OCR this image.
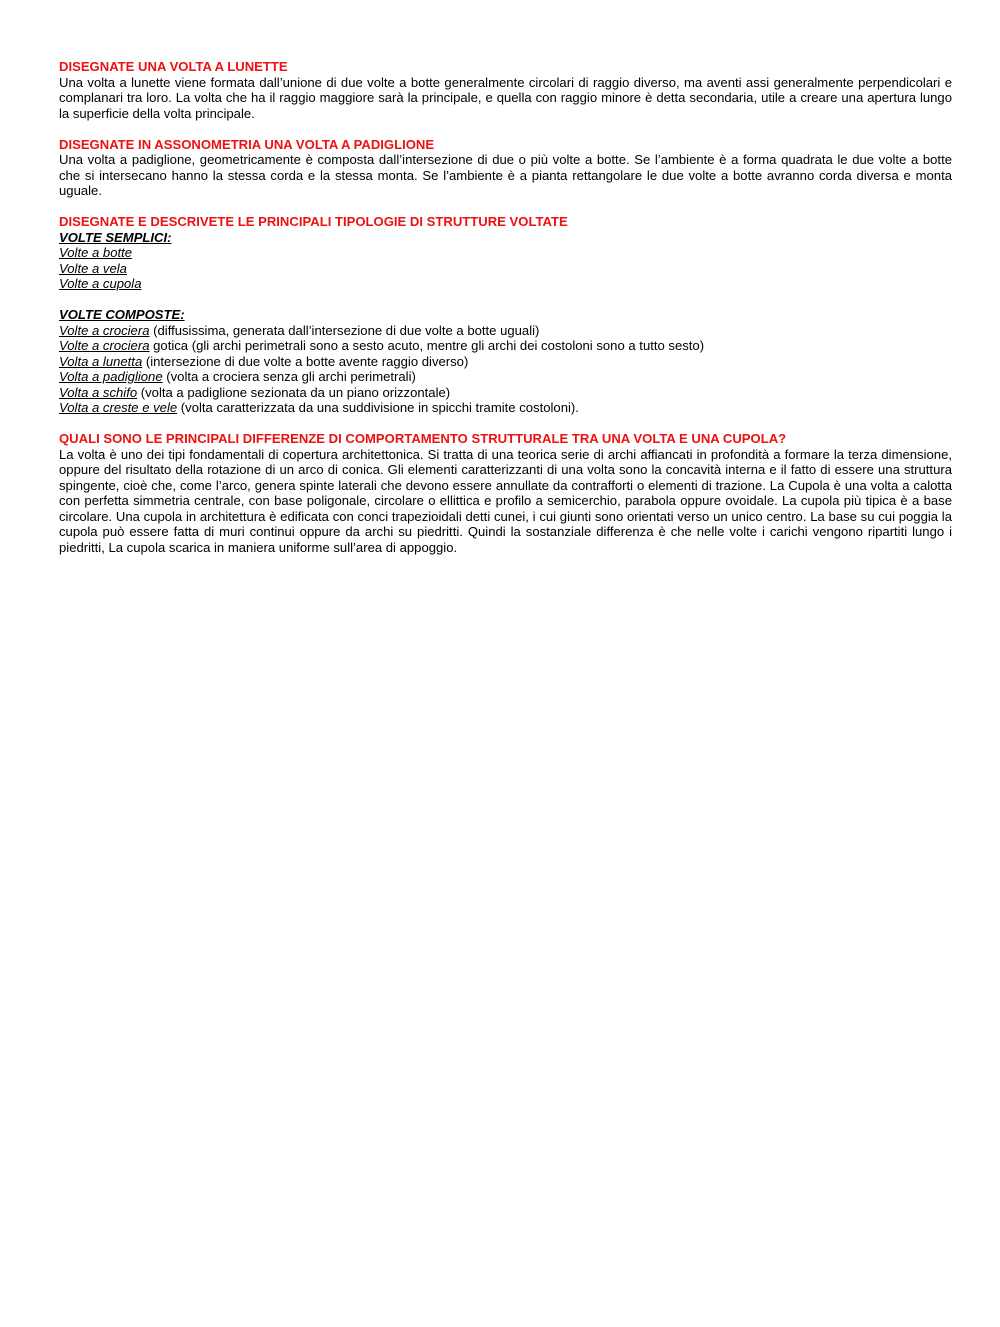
DISEGNATE UNA VOLTA A LUNETTE

Una volta a lunette viene formata dall’unione di due volte a botte generalmente circolari di raggio diverso, ma aventi assi generalmente perpendicolari e complanari tra loro. La volta che ha il raggio maggiore sarà la principale, e quella con raggio minore è detta secondaria, utile a creare una apertura lungo la superficie della volta principale.

DISEGNATE IN ASSONOMETRIA UNA VOLTA A PADIGLIONE

Una volta a padiglione, geometricamente è composta dall’intersezione di due o più volte a botte. Se l’ambiente è a forma quadrata le due volte a botte che si intersecano hanno la stessa corda e la stessa monta. Se l’ambiente è a pianta rettangolare le due volte a botte avranno corda diversa e monta uguale.

DISEGNATE E DESCRIVETE LE PRINCIPALI TIPOLOGIE DI STRUTTURE VOLTATE

VOLTE SEMPLICI:

Volte a botte

Volte a vela

Volte a cupola

VOLTE COMPOSTE:

Volte a crociera (diffusissima, generata dall’intersezione di due volte a botte uguali)

Volte a crociera gotica (gli archi perimetrali sono a sesto acuto, mentre gli archi dei costoloni sono a tutto sesto)

Volta a lunetta (intersezione di due volte a botte avente raggio diverso)

Volta a padiglione (volta a crociera senza gli archi perimetrali)

Volta a schifo (volta a padiglione sezionata da un piano orizzontale)

Volta a creste e vele (volta caratterizzata da una suddivisione in spicchi tramite costoloni).

QUALI SONO LE PRINCIPALI DIFFERENZE DI COMPORTAMENTO STRUTTURALE TRA UNA VOLTA E UNA CUPOLA?

La volta è uno dei tipi fondamentali di copertura architettonica. Si tratta di una teorica serie di archi affiancati in profondità a formare la terza dimensione, oppure del risultato della rotazione di un arco di conica. Gli elementi caratterizzanti di una volta sono la concavità interna e il fatto di essere una struttura spingente, cioè che, come l’arco, genera spinte laterali che devono essere annullate da contrafforti o elementi di trazione. La Cupola è una volta a calotta con perfetta simmetria centrale, con base poligonale, circolare o ellittica e profilo a semicerchio, parabola oppure ovoidale. La cupola più tipica è a base circolare. Una cupola in architettura è edificata con conci trapezioidali detti cunei, i cui giunti sono orientati verso un unico centro. La base su cui poggia la cupola può essere fatta di muri continui oppure da archi su piedritti. Quindi la sostanziale differenza è che nelle volte i carichi vengono ripartiti lungo i piedritti, La cupola scarica in maniera uniforme sull’area di appoggio.
